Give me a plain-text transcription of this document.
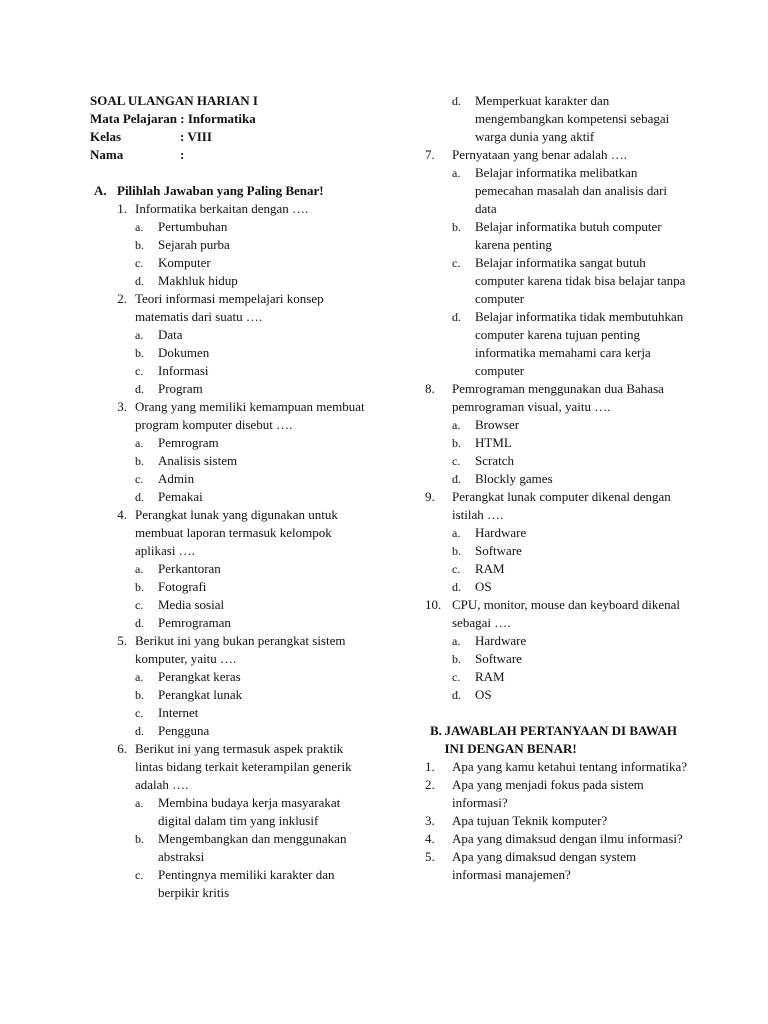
SOAL ULANGAN HARIAN I
Mata Pelajaran : Informatika
Kelas	: VIII
Nama	:
A. Pilihlah Jawaban yang Paling Benar!
1. Informatika berkaitan dengan ….
a.	Pertumbuhan
b.	Sejarah purba
c.	Komputer
d.	Makhluk hidup
2. Teori informasi mempelajari konsep matematis dari suatu ….
a.	Data
b.	Dokumen
c.	Informasi
d.	Program
3. Orang yang memiliki kemampuan membuat program komputer disebut ….
a.	Pemrogram
b.	Analisis sistem
c.	Admin
d.	Pemakai
4. Perangkat lunak yang digunakan untuk membuat laporan termasuk kelompok aplikasi ….
a.	Perkantoran
b.	Fotografi
c.	Media sosial
d.	Pemrograman
5. Berikut ini yang bukan perangkat sistem komputer, yaitu ….
a.	Perangkat keras
b.	Perangkat lunak
c.	Internet
d.	Pengguna
6. Berikut ini yang termasuk aspek praktik lintas bidang terkait keterampilan generik adalah ….
a.	Membina budaya kerja masyarakat digital dalam tim yang inklusif
b.	Mengembangkan dan menggunakan abstraksi
c.	Pentingnya memiliki karakter dan berpikir kritis
d.	Memperkuat karakter dan mengembangkan kompetensi sebagai warga dunia yang aktif
7.	Pernyataan yang benar adalah ….
a.	Belajar informatika melibatkan pemecahan masalah dan analisis dari data
b.	Belajar informatika butuh computer karena penting
c.	Belajar informatika sangat butuh computer karena tidak bisa belajar tanpa computer
d.	Belajar informatika tidak membutuhkan computer karena tujuan penting informatika memahami cara kerja computer
8.	Pemrograman menggunakan dua Bahasa pemrograman visual, yaitu ….
a.	Browser
b.	HTML
c.	Scratch
d.	Blockly games
9.	Perangkat lunak computer dikenal dengan istilah ….
a.	Hardware
b.	Software
c.	RAM
d.	OS
10. CPU, monitor, mouse dan keyboard dikenal sebagai ….
a.	Hardware
b.	Software
c.	RAM
d.	OS
B. JAWABLAH PERTANYAAN DI BAWAH INI DENGAN BENAR!
1.	Apa yang kamu ketahui tentang informatika?
2.	Apa yang menjadi fokus pada sistem informasi?
3.	Apa tujuan Teknik komputer?
4.	Apa yang dimaksud dengan ilmu informasi?
5.	Apa yang dimaksud dengan system informasi manajemen?
